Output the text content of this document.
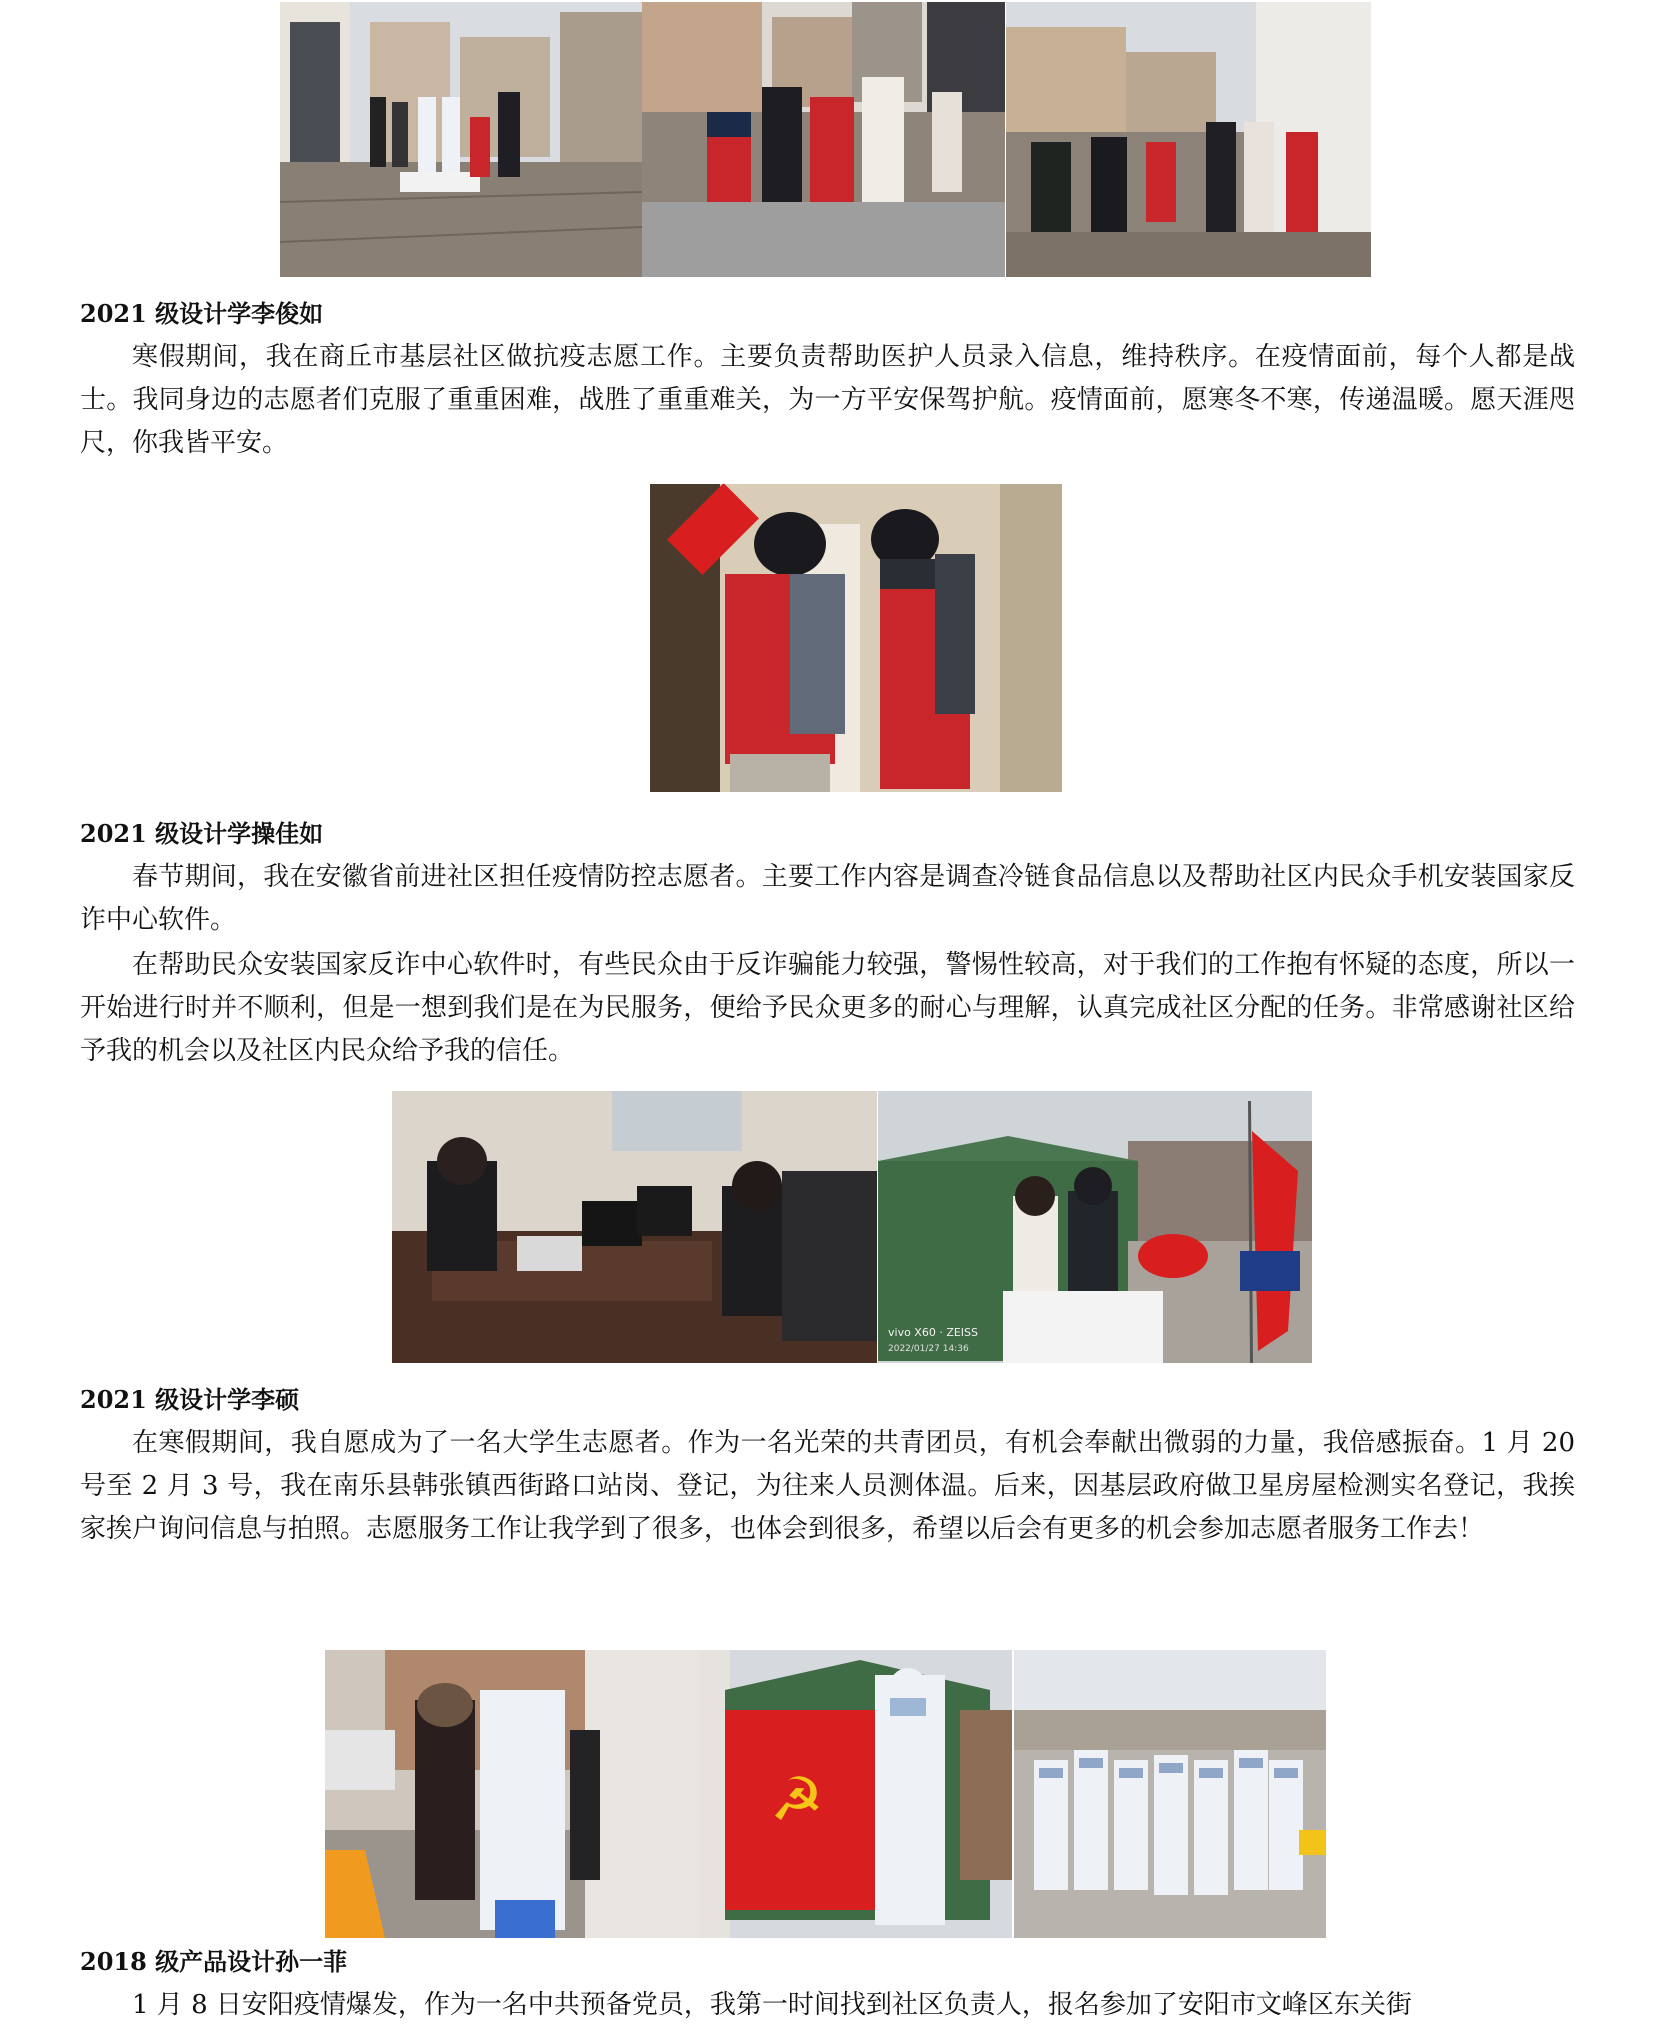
2021 级设计学李俊如

寒假期间，我在商丘市基层社区做抗疫志愿工作。主要负责帮助医护人员录入信息，维持秩序。在疫情面前，每个人都是战士。我同身边的志愿者们克服了重重困难，战胜了重重难关，为一方平安保驾护航。疫情面前，愿寒冬不寒，传递温暖。愿天涯咫尺，你我皆平安。

2021 级设计学操佳如

春节期间，我在安徽省前进社区担任疫情防控志愿者。主要工作内容是调查冷链食品信息以及帮助社区内民众手机安装国家反诈中心软件。

在帮助民众安装国家反诈中心软件时，有些民众由于反诈骗能力较强，警惕性较高，对于我们的工作抱有怀疑的态度，所以一开始进行时并不顺利，但是一想到我们是在为民服务，便给予民众更多的耐心与理解，认真完成社区分配的任务。非常感谢社区给予我的机会以及社区内民众给予我的信任。

vivo X60 · ZEISS
2022/01/27 14:36
2021 级设计学李硕

在寒假期间，我自愿成为了一名大学生志愿者。作为一名光荣的共青团员，有机会奉献出微弱的力量，我倍感振奋。1 月 20 号至 2 月 3 号，我在南乐县韩张镇西街路口站岗、登记，为往来人员测体温。后来，因基层政府做卫星房屋检测实名登记，我挨家挨户询问信息与拍照。志愿服务工作让我学到了很多，也体会到很多，希望以后会有更多的机会参加志愿者服务工作去！

☭
2018 级产品设计孙一菲

1 月 8 日安阳疫情爆发，作为一名中共预备党员，我第一时间找到社区负责人，报名参加了安阳市文峰区东关街
